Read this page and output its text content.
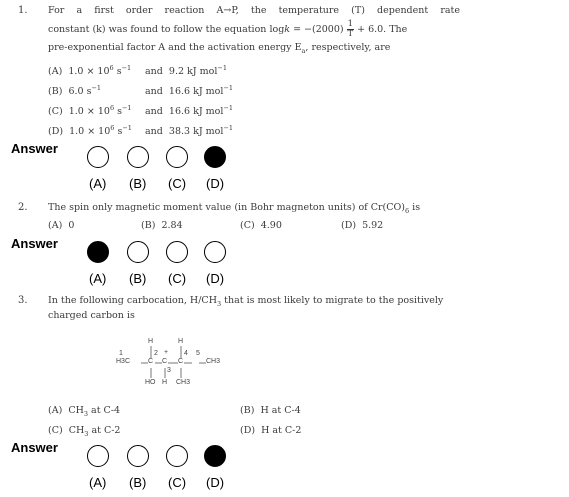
1. For a first order reaction A→P, the temperature (T) dependent rate
constant (k) was found to follow the equation $\log k = -(2000) \frac{1}{T} + 6.0$. The
pre-exponential factor A and the activation energy $E_a$, respectively, are
(A) $1.0 \times 10^6$ $s^{-1}$ and 9.2 kJ mol$^{-1}$
(B) 6.0 $s^{-1}$	and 16.6 kJ mol$^{-1}$
(C) $1.0 \times 10^6$ $s^{-1}$ and 16.6 kJ mol$^{-1}$
(D) $1.0 \times 10^6$ $s^{-1}$ and 38.3 kJ mol$^{-1}$
Answer
(A) (B) (C) (D)
2. The spin only magnetic moment value (in Bohr magneton units) of $Cr(CO)_6$ is
(A) 0	(B) 2.84	(C) 4.90	(D) 5.92
Answer
(A) (B) (C) (D)
3. In the following carbocation, $H/CH_3$ that is most likely to migrate to the positively
charged carbon is
H	H
1	2 + 4 5
H3C	C C C	CH3
3
HO H CH3
(A) $CH_3$ at C-4	(B) H at C-4
(C) $CH_3$ at C-2	(D) H at C-2
Answer
(A) (B) (C) (D)
